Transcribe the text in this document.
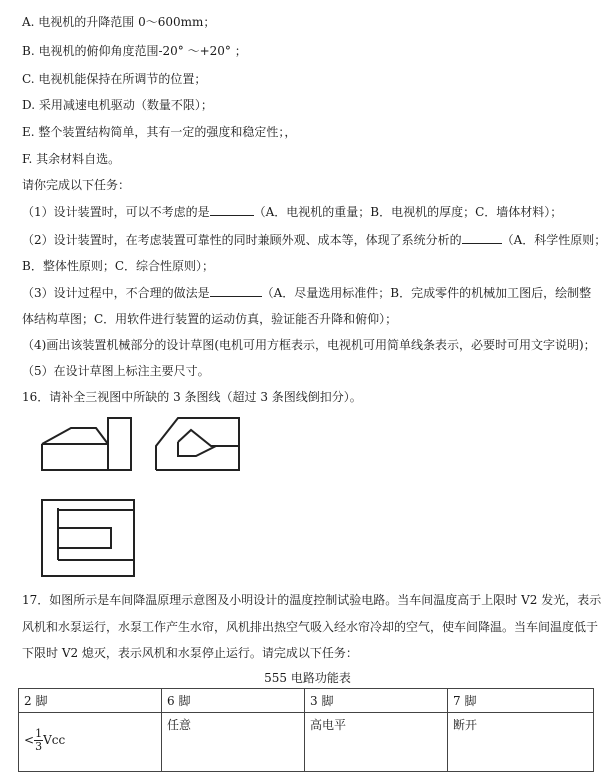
A. 电视机的升降范围 0～600mm；
B. 电视机的俯仰角度范围-20° ～+20° ；
C. 电视机能保持在所调节的位置；
D. 采用减速电机驱动（数量不限）；
E. 整个装置结构简单，其有一定的强度和稳定性；，
F. 其余材料自选。
请你完成以下任务：
（1）设计装置时，可以不考虑的是	（A．电视机的重量；B．电视机的厚度；C．墙体材料）；
（2）设计装置时，在考虑装置可靠性的同时兼顾外观、成本等，体现了系统分析的	（A．科学性原则；
B．整体性原则；C．综合性原则）；
（3）设计过程中，不合理的做法是	（A．尽量选用标准件；B．完成零件的机械加工图后，绘制整
体结构草图；C．用软件进行装置的运动仿真，验证能否升降和俯仰）；
（4)画出该装置机械部分的设计草图(电机可用方框表示，电视机可用简单线条表示，必要时可用文字说明)；
（5）在设计草图上标注主要尺寸。
16．请补全三视图中所缺的 3 条图线（超过 3 条图线倒扣分）。
17．如图所示是车间降温原理示意图及小明设计的温度控制试验电路。当车间温度高于上限时 V2 发光，表示
风机和水泵运行，水泵工作产生水帘，风机排出热空气吸入经水帘冷却的空气，使车间降温。当车间温度低于
下限时 V2 熄灭，表示风机和水泵停止运行。请完成以下任务：
555 电路功能表
2 脚	6 脚	3 脚	7 脚

< $\frac{1}{3}$ Vcc	任意	高电平	断开
